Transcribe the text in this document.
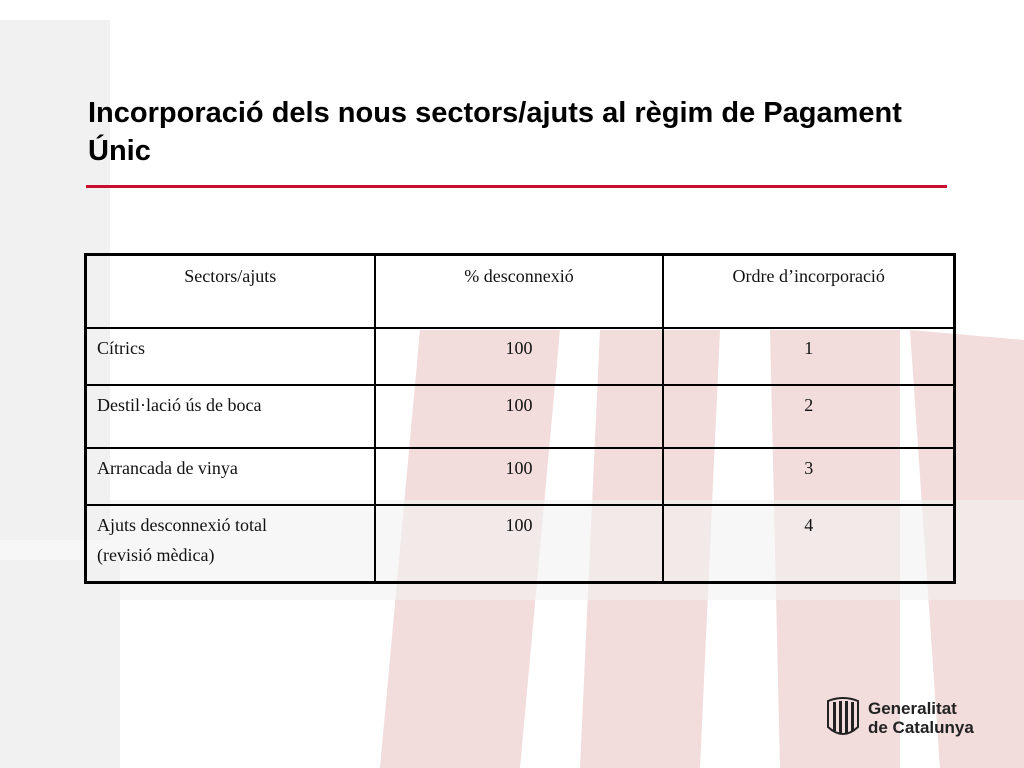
Incorporació dels nous sectors/ajuts al règim de Pagament Únic
Sectors/ajuts	% desconnexió	Ordre d’incorporació
Cítrics	100	1
Destil·lació ús de boca	100	2
Arrancada de vinya	100	3
Ajuts desconnexió total
(revisió mèdica)	100	4
Generalitat
de Catalunya
